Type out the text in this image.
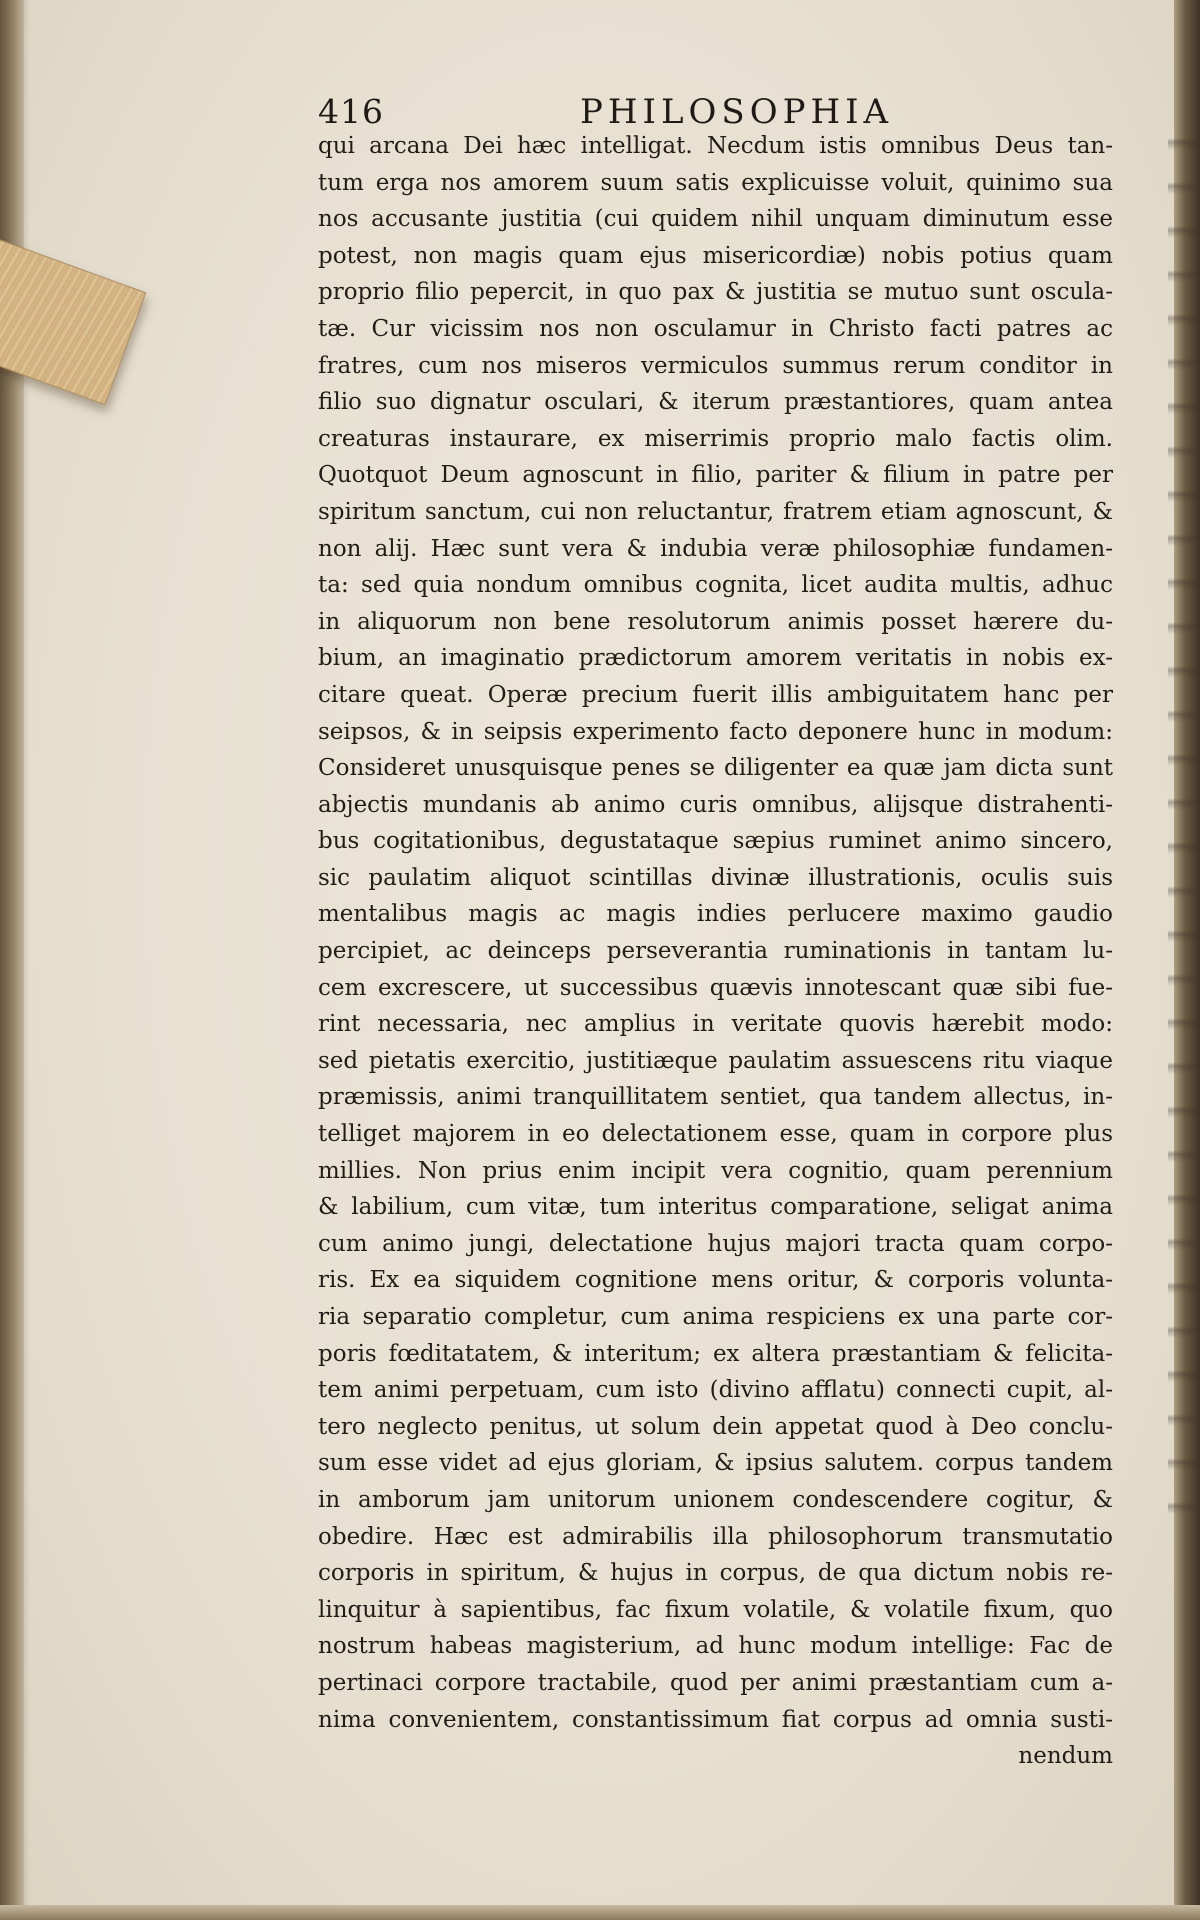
416	PHILOSOPHIA
qui arcana Dei hæc intelligat. Necdum istis omnibus Deus tan-
tum erga nos amorem suum satis explicuisse voluit, quinimo sua
nos accusante justitia (cui quidem nihil unquam diminutum esse
potest, non magis quam ejus misericordiæ) nobis potius quam
proprio filio pepercit, in quo pax & justitia se mutuo sunt oscula-
tæ. Cur vicissim nos non osculamur in Christo facti patres ac
fratres, cum nos miseros vermiculos summus rerum conditor in
filio suo dignatur osculari, & iterum præstantiores, quam antea
creaturas instaurare, ex miserrimis proprio malo factis olim.
Quotquot Deum agnoscunt in filio, pariter & filium in patre per
spiritum sanctum, cui non reluctantur, fratrem etiam agnoscunt, &
non alij. Hæc sunt vera & indubia veræ philosophiæ fundamen-
ta: sed quia nondum omnibus cognita, licet audita multis, adhuc
in aliquorum non bene resolutorum animis posset hærere du-
bium, an imaginatio prædictorum amorem veritatis in nobis ex-
citare queat. Operæ precium fuerit illis ambiguitatem hanc per
seipsos, & in seipsis experimento facto deponere hunc in modum:
Consideret unusquisque penes se diligenter ea quæ jam dicta sunt
abjectis mundanis ab animo curis omnibus, alijsque distrahenti-
bus cogitationibus, degustataque sæpius ruminet animo sincero,
sic paulatim aliquot scintillas divinæ illustrationis, oculis suis
mentalibus magis ac magis indies perlucere maximo gaudio
percipiet, ac deinceps perseverantia ruminationis in tantam lu-
cem excrescere, ut successibus quævis innotescant quæ sibi fue-
rint necessaria, nec amplius in veritate quovis hærebit modo:
sed pietatis exercitio, justitiæque paulatim assuescens ritu viaque
præmissis, animi tranquillitatem sentiet, qua tandem allectus, in-
telliget majorem in eo delectationem esse, quam in corpore plus
millies. Non prius enim incipit vera cognitio, quam perennium
& labilium, cum vitæ, tum interitus comparatione, seligat anima
cum animo jungi, delectatione hujus majori tracta quam corpo-
ris. Ex ea siquidem cognitione mens oritur, & corporis volunta-
ria separatio completur, cum anima respiciens ex una parte cor-
poris fœditatatem, & interitum; ex altera præstantiam & felicita-
tem animi perpetuam, cum isto (divino afflatu) connecti cupit, al-
tero neglecto penitus, ut solum dein appetat quod à Deo conclu-
sum esse videt ad ejus gloriam, & ipsius salutem. corpus tandem
in amborum jam unitorum unionem condescendere cogitur, &
obedire. Hæc est admirabilis illa philosophorum transmutatio
corporis in spiritum, & hujus in corpus, de qua dictum nobis re-
linquitur à sapientibus, fac fixum volatile, & volatile fixum, quo
nostrum habeas magisterium, ad hunc modum intellige: Fac de
pertinaci corpore tractabile, quod per animi præstantiam cum a-
nima convenientem, constantissimum fiat corpus ad omnia susti-
nendum
